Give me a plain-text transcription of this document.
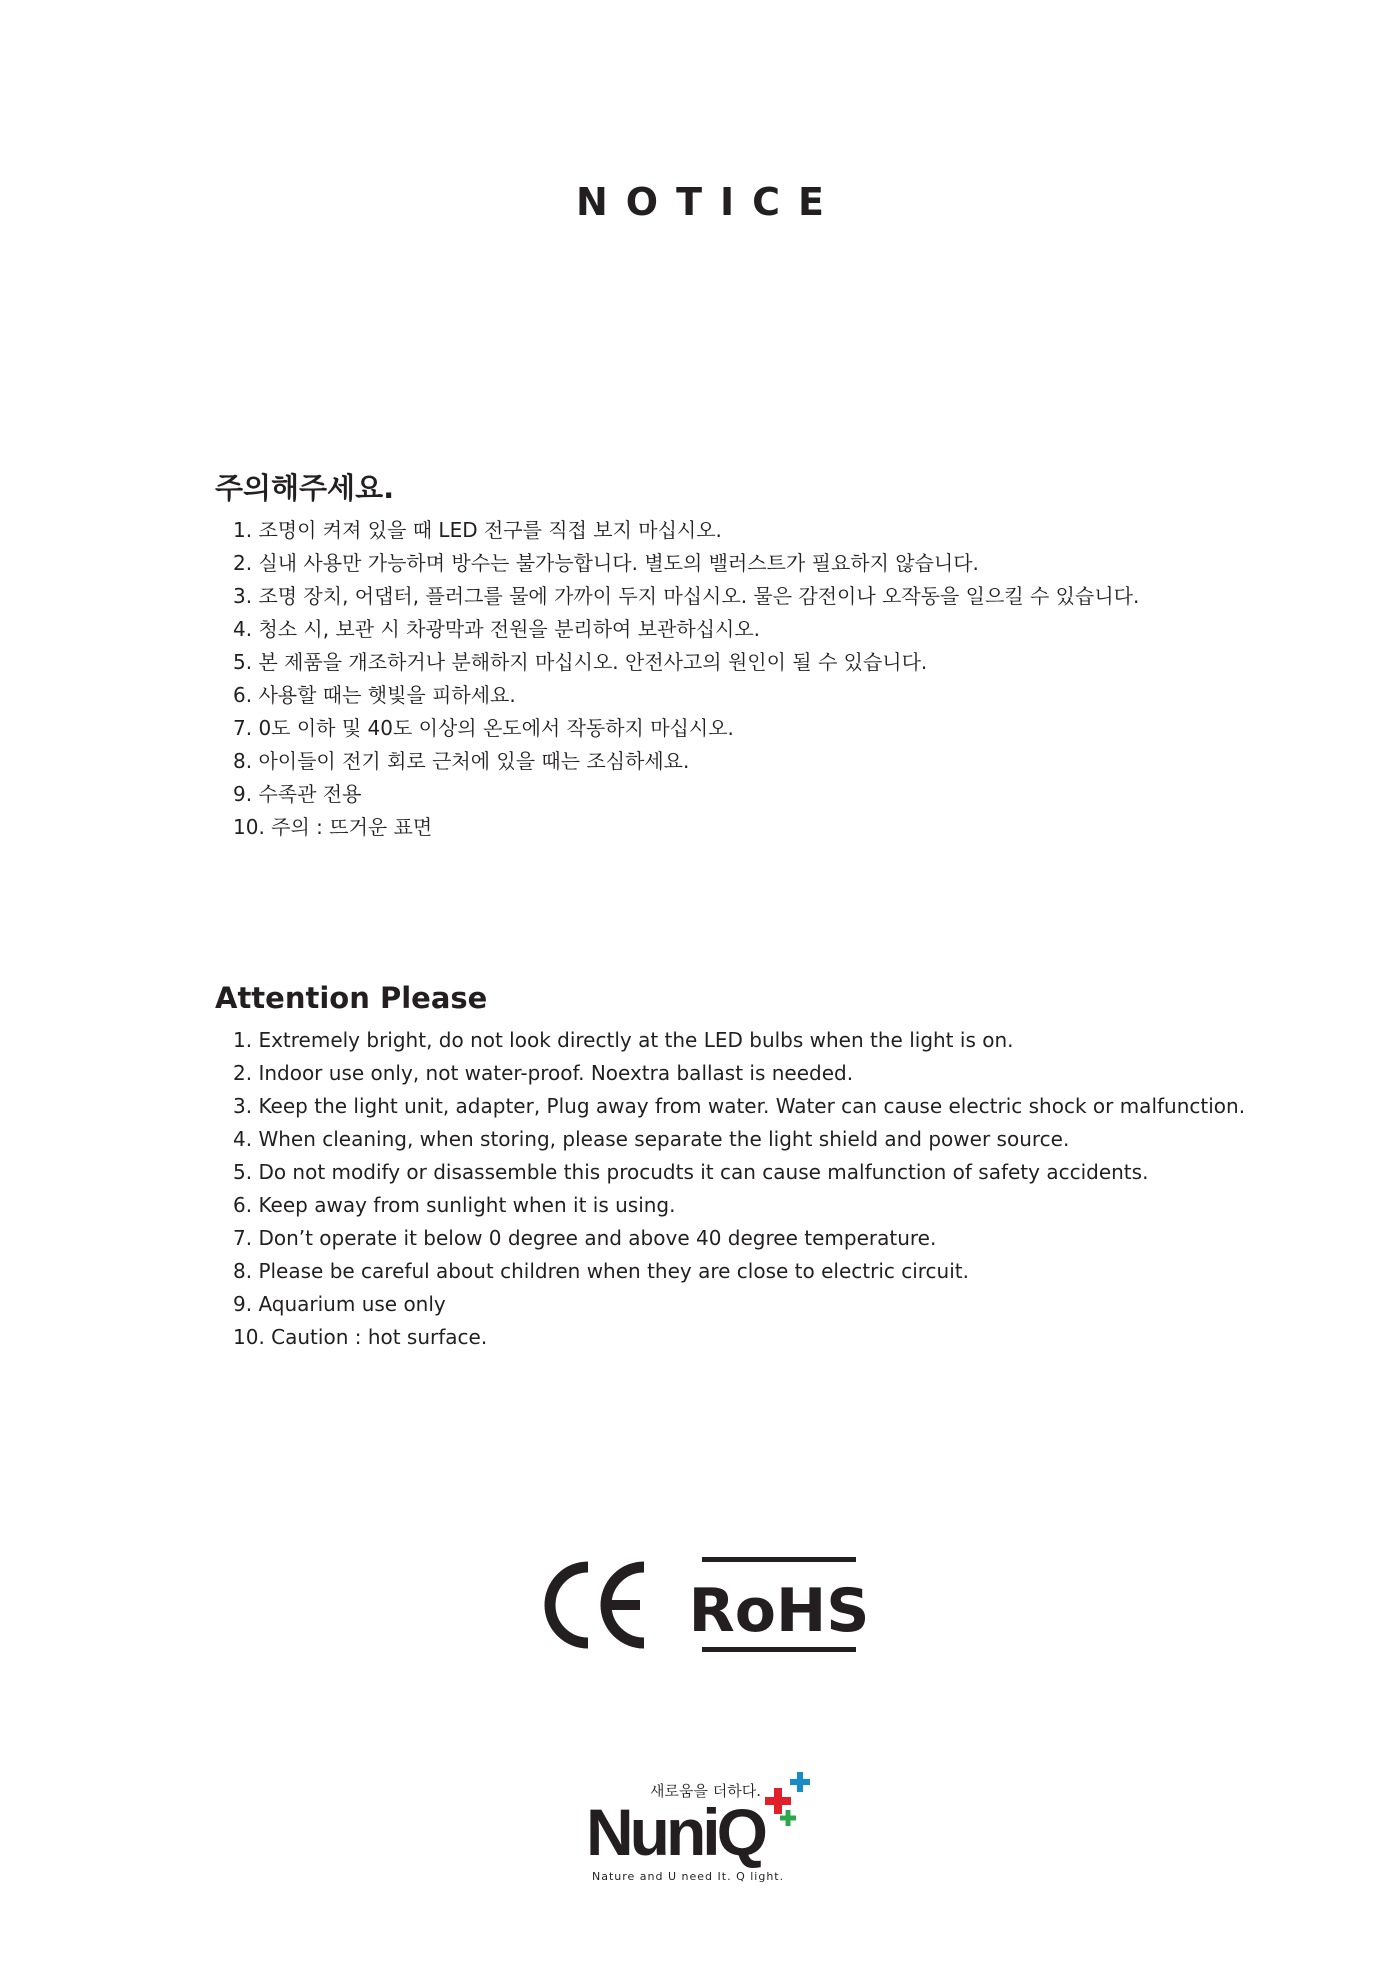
NOTICE
주의해주세요.
1. 조명이 켜져 있을 때 LED 전구를 직접 보지 마십시오.
2. 실내 사용만 가능하며 방수는 불가능합니다. 별도의 밸러스트가 필요하지 않습니다.
3. 조명 장치, 어댑터, 플러그를 물에 가까이 두지 마십시오. 물은 감전이나 오작동을 일으킬 수 있습니다.
4. 청소 시, 보관 시 차광막과 전원을 분리하여 보관하십시오.
5. 본 제품을 개조하거나 분해하지 마십시오. 안전사고의 원인이 될 수 있습니다.
6. 사용할 때는 햇빛을 피하세요.
7. 0도 이하 및 40도 이상의 온도에서 작동하지 마십시오.
8. 아이들이 전기 회로 근처에 있을 때는 조심하세요.
9. 수족관 전용
10. 주의 : 뜨거운 표면
Attention Please
1. Extremely bright, do not look directly at the LED bulbs when the light is on.
2. Indoor use only, not water-proof. Noextra ballast is needed.
3. Keep the light unit, adapter, Plug away from water. Water can cause electric shock or malfunction.
4. When cleaning, when storing, please separate the light shield and power source.
5. Do not modify or disassemble this procudts it can cause malfunction of safety accidents.
6. Keep away from sunlight when it is using.
7. Don’t operate it below 0 degree and above 40 degree temperature.
8. Please be careful about children when they are close to electric circuit.
9. Aquarium use only
10. Caution : hot surface.
RoHS
새로움을 더하다.
NuniQ
Nature and U need It. Q light.
